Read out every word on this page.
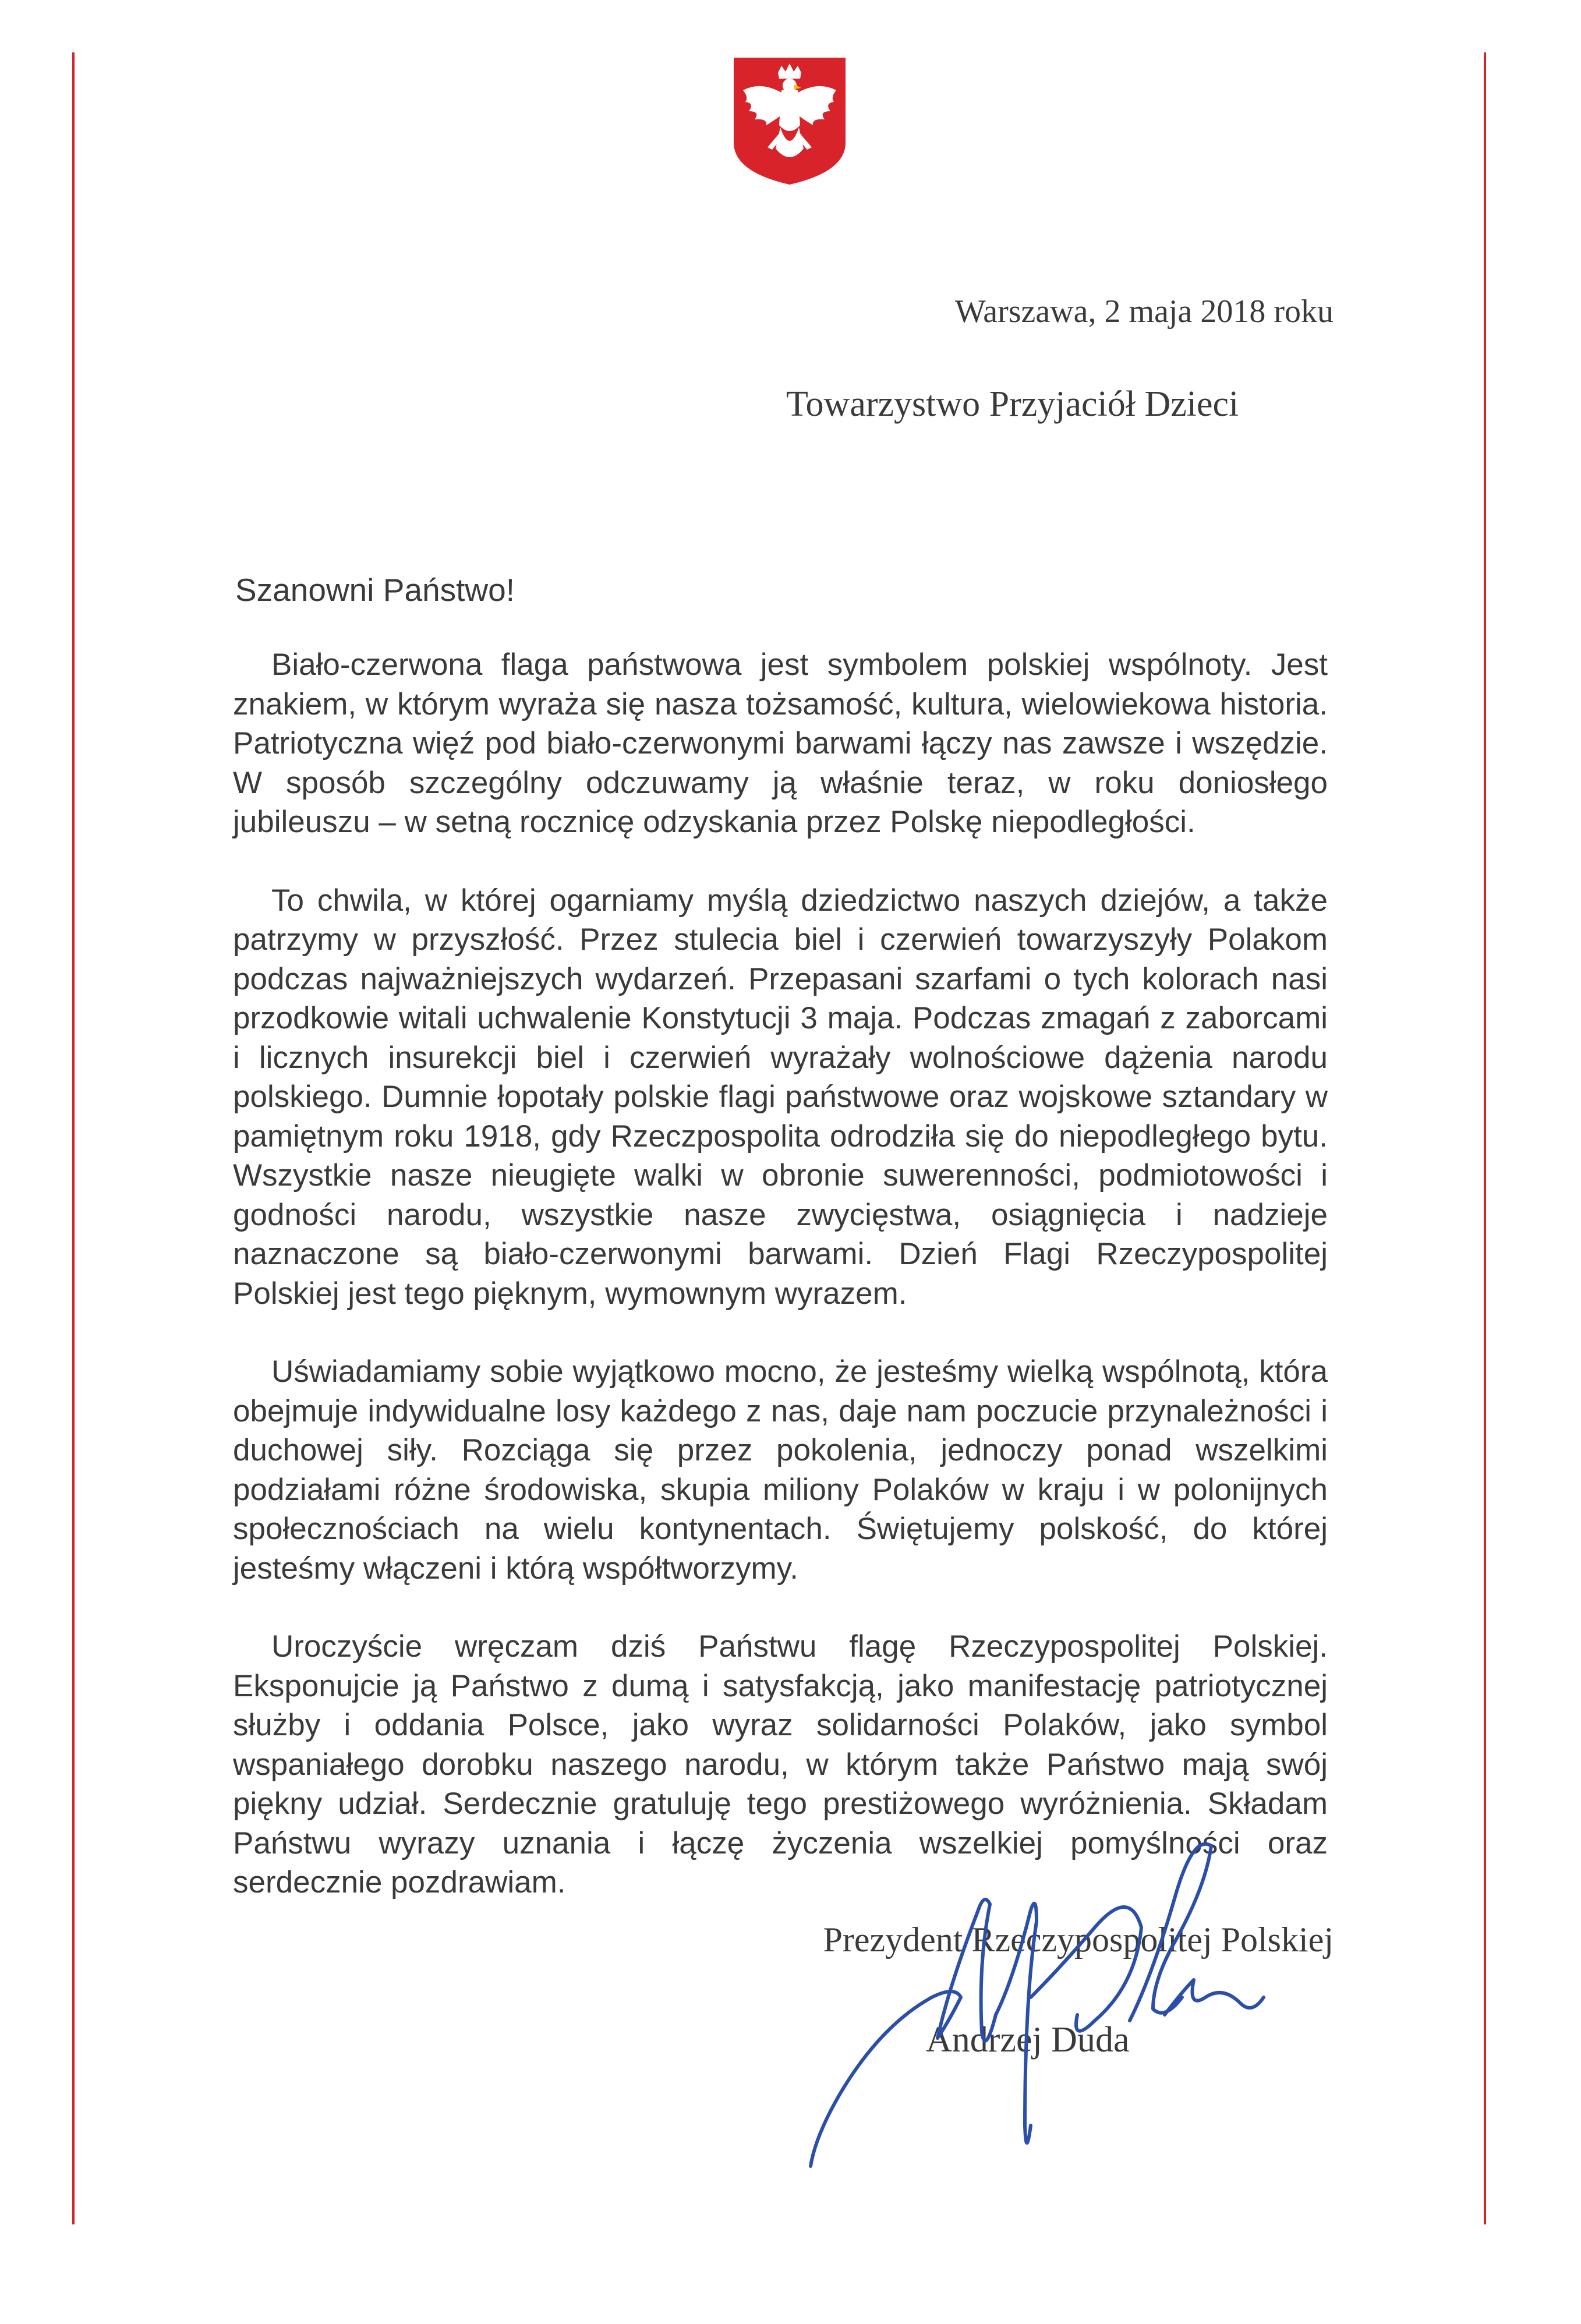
Warszawa, 2 maja 2018 roku
Towarzystwo Przyjaciół Dzieci
Szanowni Państwo!

Biało-czerwona flaga państwowa jest symbolem polskiej wspólnoty. Jest znakiem, w którym wyraża się nasza tożsamość, kultura, wielowiekowa historia. Patriotyczna więź pod biało-czerwonymi barwami łączy nas zawsze i wszędzie. W sposób szczególny odczuwamy ją właśnie teraz, w roku doniosłego jubileuszu – w setną rocznicę odzyskania przez Polskę niepodległości.

To chwila, w której ogarniamy myślą dziedzictwo naszych dziejów, a także patrzymy w przyszłość. Przez stulecia biel i czerwień towarzyszyły Polakom podczas najważniejszych wydarzeń. Przepasani szarfami o tych kolorach nasi przodkowie witali uchwalenie Konstytucji 3 maja. Podczas zmagań z zaborcami i licznych insurekcji biel i czerwień wyrażały wolnościowe dążenia narodu polskiego. Dumnie łopotały polskie flagi państwowe oraz wojskowe sztandary w pamiętnym roku 1918, gdy Rzeczpospolita odrodziła się do niepodległego bytu. Wszystkie nasze nieugięte walki w obronie suwerenności, podmiotowości i godności narodu, wszystkie nasze zwycięstwa, osiągnięcia i nadzieje naznaczone są biało-czerwonymi barwami. Dzień Flagi Rzeczypospolitej Polskiej jest tego pięknym, wymownym wyrazem.

Uświadamiamy sobie wyjątkowo mocno, że jesteśmy wielką wspólnotą, która obejmuje indywidualne losy każdego z nas, daje nam poczucie przynależności i duchowej siły. Rozciąga się przez pokolenia, jednoczy ponad wszelkimi podziałami różne środowiska, skupia miliony Polaków w kraju i w polonijnych społecznościach na wielu kontynentach. Świętujemy polskość, do której jesteśmy włączeni i którą współtworzymy.

Uroczyście wręczam dziś Państwu flagę Rzeczypospolitej Polskiej. Eksponujcie ją Państwo z dumą i satysfakcją, jako manifestację patriotycznej służby i oddania Polsce, jako wyraz solidarności Polaków, jako symbol wspaniałego dorobku naszego narodu, w którym także Państwo mają swój piękny udział. Serdecznie gratuluję tego prestiżowego wyróżnienia. Składam Państwu wyrazy uznania i łączę życzenia wszelkiej pomyślności oraz serdecznie pozdrawiam.

Prezydent Rzeczypospolitej Polskiej
Andrzej Duda
